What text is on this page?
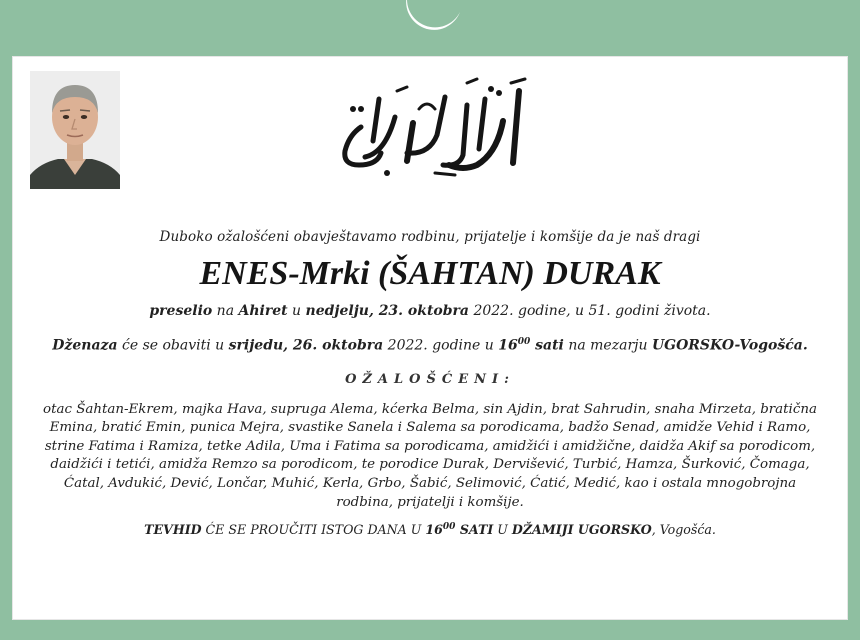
Duboko ožalošćeni obavještavamo rodbinu, prijatelje i komšije da je naš dragi

ENES-Mrki (ŠAHTAN) DURAK

preselio na Ahiret u nedjelju, 23. oktobra 2022. godine, u 51. godini života.

Dženaza će se obaviti u srijedu, 26. oktobra 2022. godine u $16^{00}$ sati na mezarju UGORSKO-Vogošća.

OŽALOŠĆENI:

otac Šahtan-Ekrem, majka Hava, supruga Alema, kćerka Belma, sin Ajdin, brat Sahrudin, snaha Mirzeta, bratična Emina, bratić Emin, punica Mejra, svastike Sanela i Salema sa porodicama, badžo Senad, amidže Vehid i Ramo, strine Fatima i Ramiza, tetke Adila, Uma i Fatima sa porodicama, amidžići i amidžične, daidža Akif sa porodicom, daidžići i tetići, amidža Remzo sa porodicom, te porodice Durak, Dervišević, Turbić, Hamza, Šurković, Čomaga, Ćatal, Avdukić, Dević, Lončar, Muhić, Kerla, Grbo, Šabić, Selimović, Ćatić, Medić, kao i ostala mnogobrojna rodbina, prijatelji i komšije.

TEVHID ĆE SE PROUČITI ISTOG DANA U $16^{00}$ SATI U DŽAMIJI UGORSKO, Vogošća.
